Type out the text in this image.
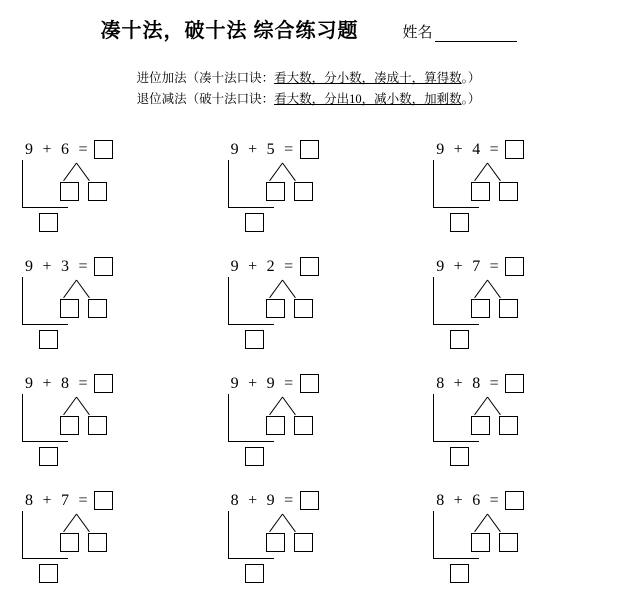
凑十法，破十法 综合练习题	姓名
进位加法（凑十法口诀：看大数，分小数，凑成十，算得数。）
退位减法（破十法口诀：看大数，分出10，减小数，加剩数。）
9 + 6 =	9 + 5 =	9 + 4 =
9 + 3 =	9 + 2 =	9 + 7 =
9 + 8 =	9 + 9 =	8 + 8 =
8 + 7 =	8 + 9 =	8 + 6 =
